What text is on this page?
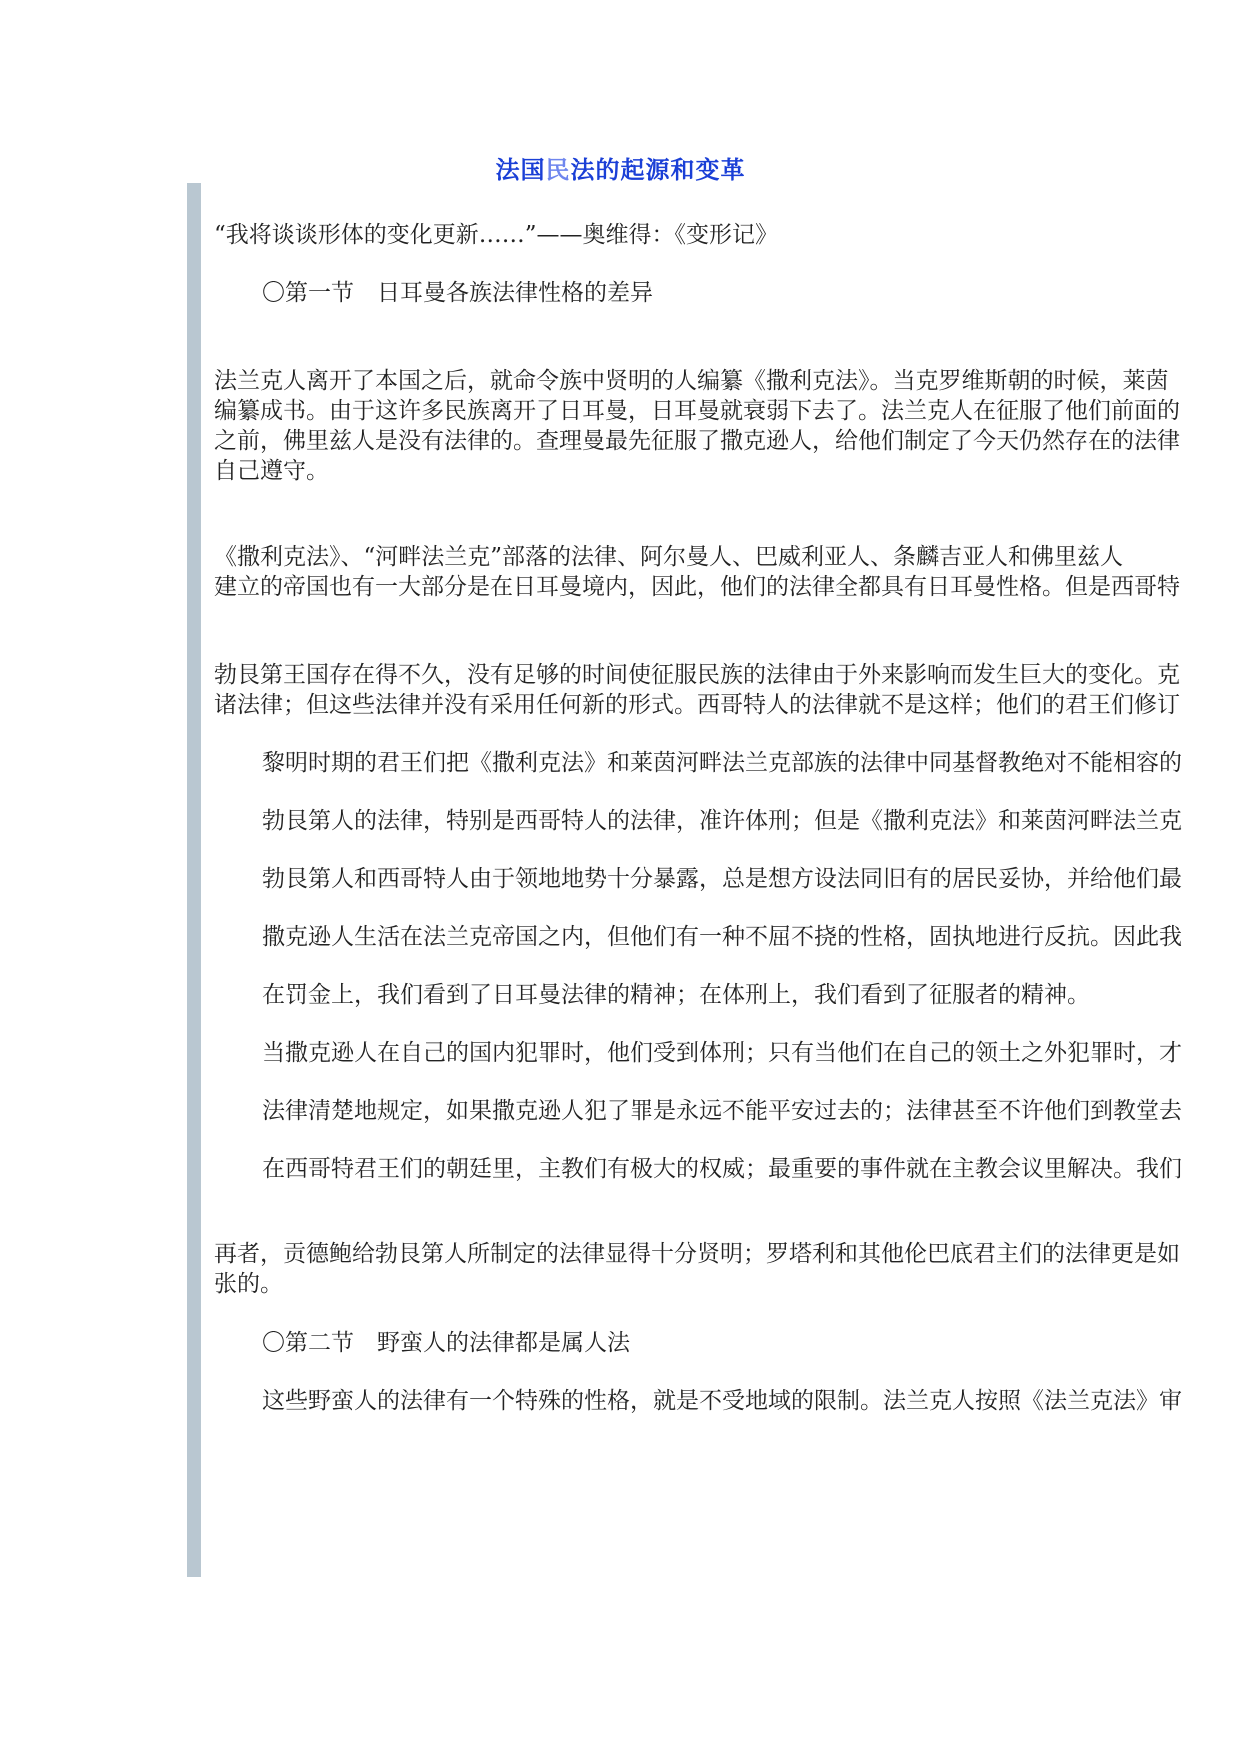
法国民法的起源和变革
“我将谈谈形体的变化更新……”——奥维得：《变形记》
〇第一节　日耳曼各族法律性格的差异
法兰克人离开了本国之后，就命令族中贤明的人编纂《撒利克法》。当克罗维斯朝的时候，莱茵
编纂成书。由于这许多民族离开了日耳曼，日耳曼就衰弱下去了。法兰克人在征服了他们前面的
之前，佛里兹人是没有法律的。查理曼最先征服了撒克逊人，给他们制定了今天仍然存在的法律
自己遵守。
《撒利克法》、“河畔法兰克”部落的法律、阿尔曼人、巴威利亚人、条麟吉亚人和佛里兹人
建立的帝国也有一大部分是在日耳曼境内，因此，他们的法律全都具有日耳曼性格。但是西哥特
勃艮第王国存在得不久，没有足够的时间使征服民族的法律由于外来影响而发生巨大的变化。克
诸法律；但这些法律并没有采用任何新的形式。西哥特人的法律就不是这样；他们的君王们修订
黎明时期的君王们把《撒利克法》和莱茵河畔法兰克部族的法律中同基督教绝对不能相容的
勃艮第人的法律，特别是西哥特人的法律，准许体刑；但是《撒利克法》和莱茵河畔法兰克
勃艮第人和西哥特人由于领地地势十分暴露，总是想方设法同旧有的居民妥协，并给他们最
撒克逊人生活在法兰克帝国之内，但他们有一种不屈不挠的性格，固执地进行反抗。因此我
在罚金上，我们看到了日耳曼法律的精神；在体刑上，我们看到了征服者的精神。
当撒克逊人在自己的国内犯罪时，他们受到体刑；只有当他们在自己的领土之外犯罪时，才
法律清楚地规定，如果撒克逊人犯了罪是永远不能平安过去的；法律甚至不许他们到教堂去
在西哥特君王们的朝廷里，主教们有极大的权威；最重要的事件就在主教会议里解决。我们
再者，贡德鲍给勃艮第人所制定的法律显得十分贤明；罗塔利和其他伦巴底君主们的法律更是如
张的。
〇第二节　野蛮人的法律都是属人法
这些野蛮人的法律有一个特殊的性格，就是不受地域的限制。法兰克人按照《法兰克法》审
